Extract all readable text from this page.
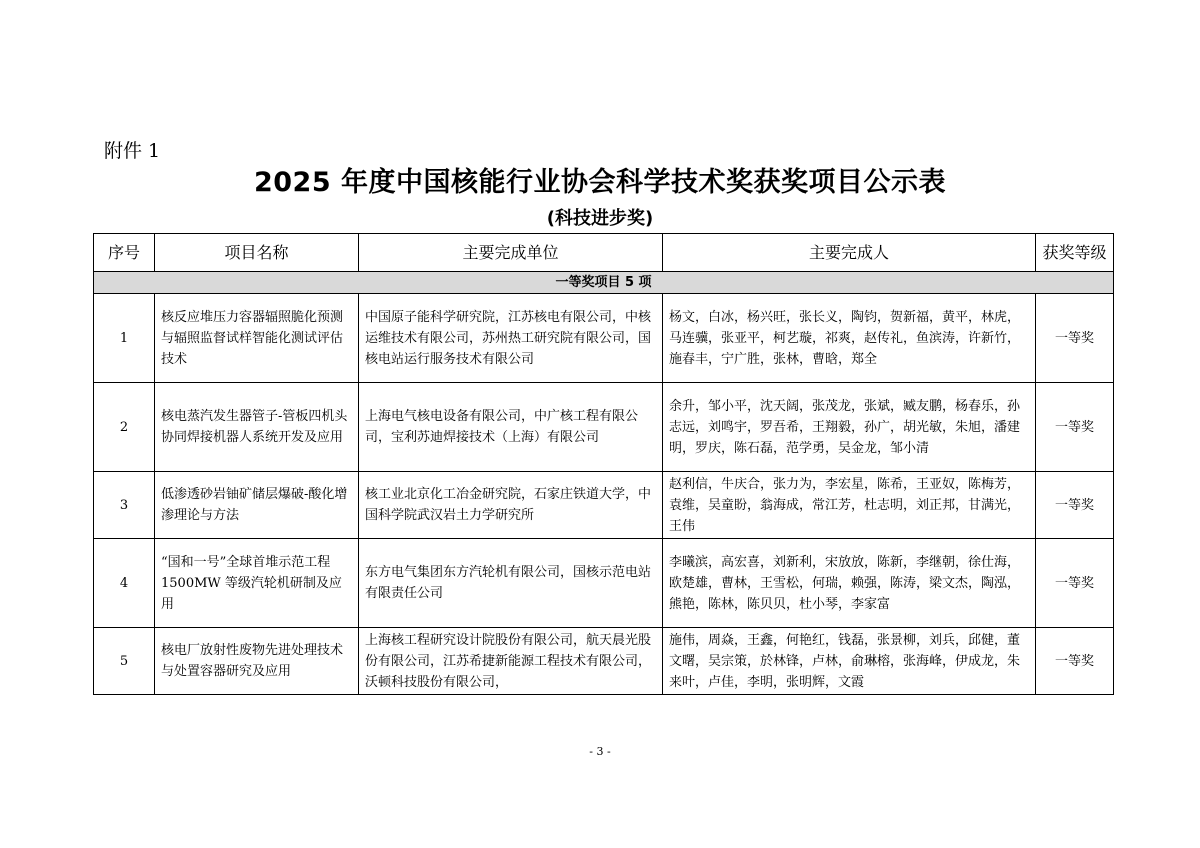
附件 1
2025 年度中国核能行业协会科学技术奖获奖项目公示表
(科技进步奖)
序号	项目名称	主要完成单位	主要完成人	获奖等级
一等奖项目 5 项				
1	核反应堆压力容器辐照脆化预测与辐照监督试样智能化测试评估技术	中国原子能科学研究院，江苏核电有限公司，中核运维技术有限公司，苏州热工研究院有限公司，国核电站运行服务技术有限公司	杨文，白冰，杨兴旺，张长义，陶钧，贺新福，黄平，林虎，马连骥，张亚平，柯艺璇，祁爽，赵传礼，鱼滨涛，许新竹，施春丰，宁广胜，张林，曹晗，郑全	一等奖
2	核电蒸汽发生器管子-管板四机头协同焊接机器人系统开发及应用	上海电气核电设备有限公司，中广核工程有限公司，宝利苏迪焊接技术（上海）有限公司	余升，邹小平，沈天阔，张茂龙，张斌，臧友鹏，杨春乐，孙志远，刘鸣宇，罗吾希，王翔毅，孙广，胡光敏，朱旭，潘建明，罗庆，陈石磊，范学勇，吴金龙，邹小清	一等奖
3	低渗透砂岩铀矿储层爆破-酸化增渗理论与方法	核工业北京化工冶金研究院，石家庄铁道大学，中国科学院武汉岩土力学研究所	赵利信，牛庆合，张力为，李宏星，陈希，王亚奴，陈梅芳，袁维，吴童盼，翁海成，常江芳，杜志明，刘正邦，甘满光，王伟	一等奖
4	“国和一号”全球首堆示范工程 1500MW 等级汽轮机研制及应用	东方电气集团东方汽轮机有限公司，国核示范电站有限责任公司	李曦滨，高宏喜，刘新利，宋放放，陈新，李继朝，徐仕海，欧楚雄，曹林，王雪松，何瑞，赖强，陈涛，梁文杰，陶泓，熊艳，陈林，陈贝贝，杜小琴，李家富	一等奖
5	核电厂放射性废物先进处理技术与处置容器研究及应用	上海核工程研究设计院股份有限公司，航天晨光股份有限公司，江苏希捷新能源工程技术有限公司，沃顿科技股份有限公司，	施伟，周焱，王鑫，何艳红，钱磊，张景柳，刘兵，邱健，董文曙，吴宗策，於林锋，卢林，俞琳榕，张海峰，伊成龙，朱来叶，卢佳，李明，张明辉，文霞	一等奖
- 3 -
